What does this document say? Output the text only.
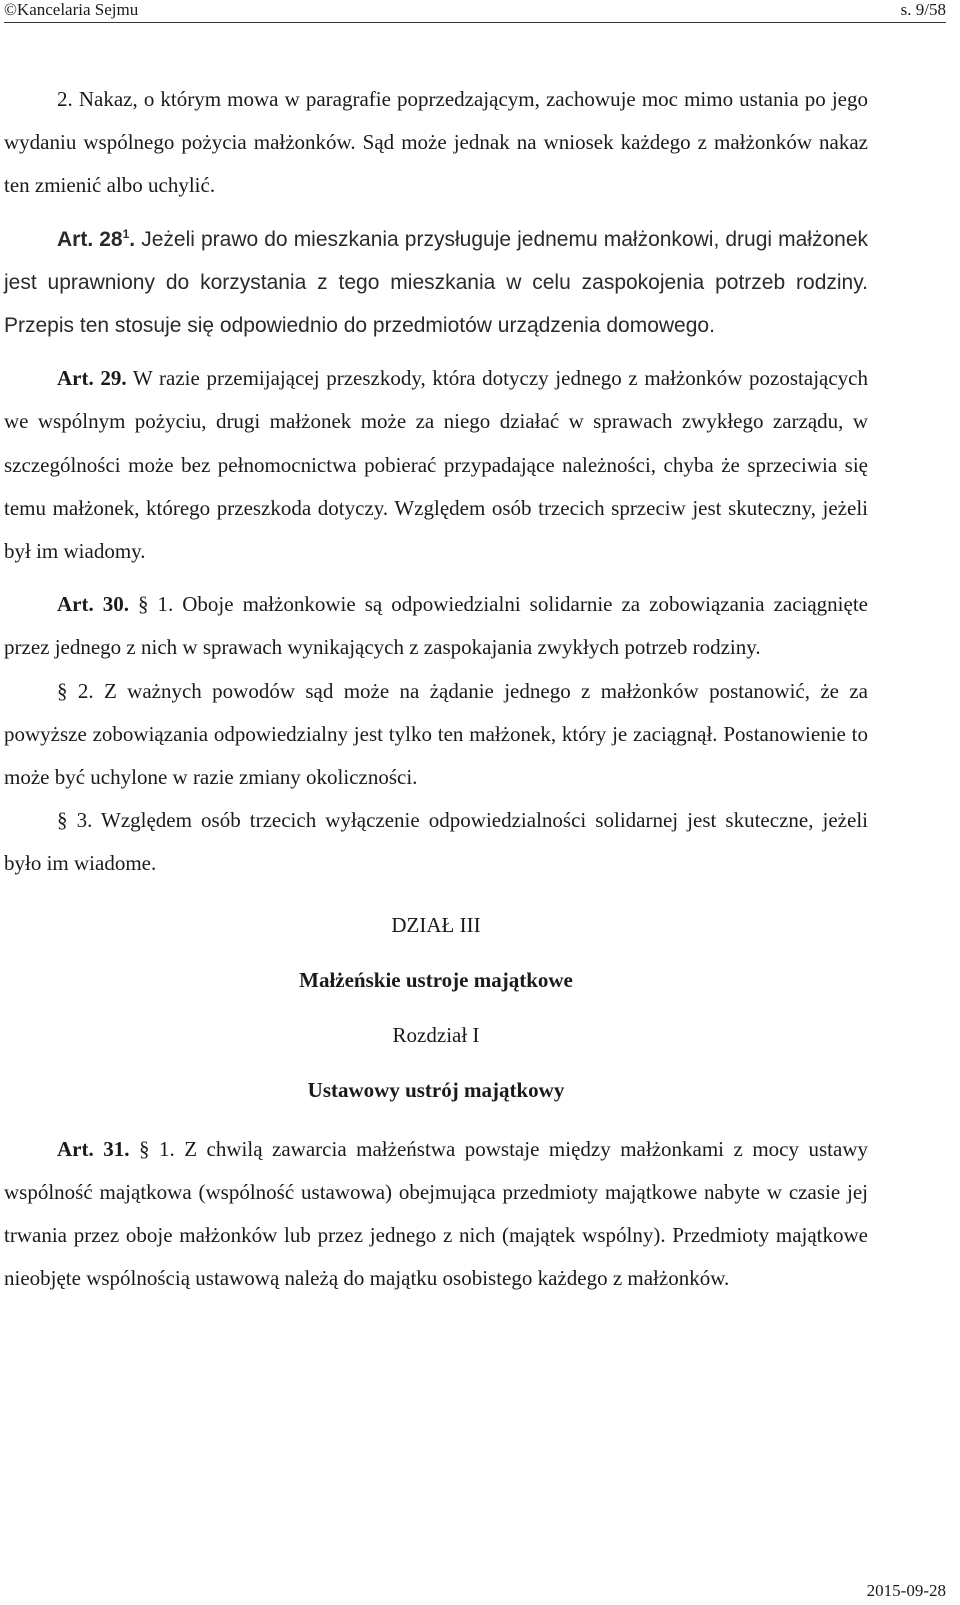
©Kancelaria Sejmu	s. 9/58

2. Nakaz, o którym mowa w paragrafie poprzedzającym, zachowuje moc mimo ustania po jego wydaniu wspólnego pożycia małżonków. Sąd może jednak na wniosek każdego z małżonków nakaz ten zmienić albo uchylić.

Art. $28^1$. Jeżeli prawo do mieszkania przysługuje jednemu małżonkowi, drugi małżonek jest uprawniony do korzystania z tego mieszkania w celu zaspokojenia potrzeb rodziny. Przepis ten stosuje się odpowiednio do przedmiotów urządzenia domowego.

Art. 29. W razie przemijającej przeszkody, która dotyczy jednego z małżonków pozostających we wspólnym pożyciu, drugi małżonek może za niego działać w sprawach zwykłego zarządu, w szczególności może bez pełnomocnictwa pobierać przypadające należności, chyba że sprzeciwia się temu małżonek, którego przeszkoda dotyczy. Względem osób trzecich sprzeciw jest skuteczny, jeżeli był im wiadomy.

Art. 30. § 1. Oboje małżonkowie są odpowiedzialni solidarnie za zobowiązania zaciągnięte przez jednego z nich w sprawach wynikających z zaspokajania zwykłych potrzeb rodziny.

§ 2. Z ważnych powodów sąd może na żądanie jednego z małżonków postanowić, że za powyższe zobowiązania odpowiedzialny jest tylko ten małżonek, który je zaciągnął. Postanowienie to może być uchylone w razie zmiany okoliczności.

§ 3. Względem osób trzecich wyłączenie odpowiedzialności solidarnej jest skuteczne, jeżeli było im wiadome.

DZIAŁ III

Małżeńskie ustroje majątkowe

Rozdział I

Ustawowy ustrój majątkowy

Art. 31. § 1. Z chwilą zawarcia małżeństwa powstaje między małżonkami z mocy ustawy wspólność majątkowa (wspólność ustawowa) obejmująca przedmioty majątkowe nabyte w czasie jej trwania przez oboje małżonków lub przez jednego z nich (majątek wspólny). Przedmioty majątkowe nieobjęte wspólnością ustawową należą do majątku osobistego każdego z małżonków.

2015-09-28
